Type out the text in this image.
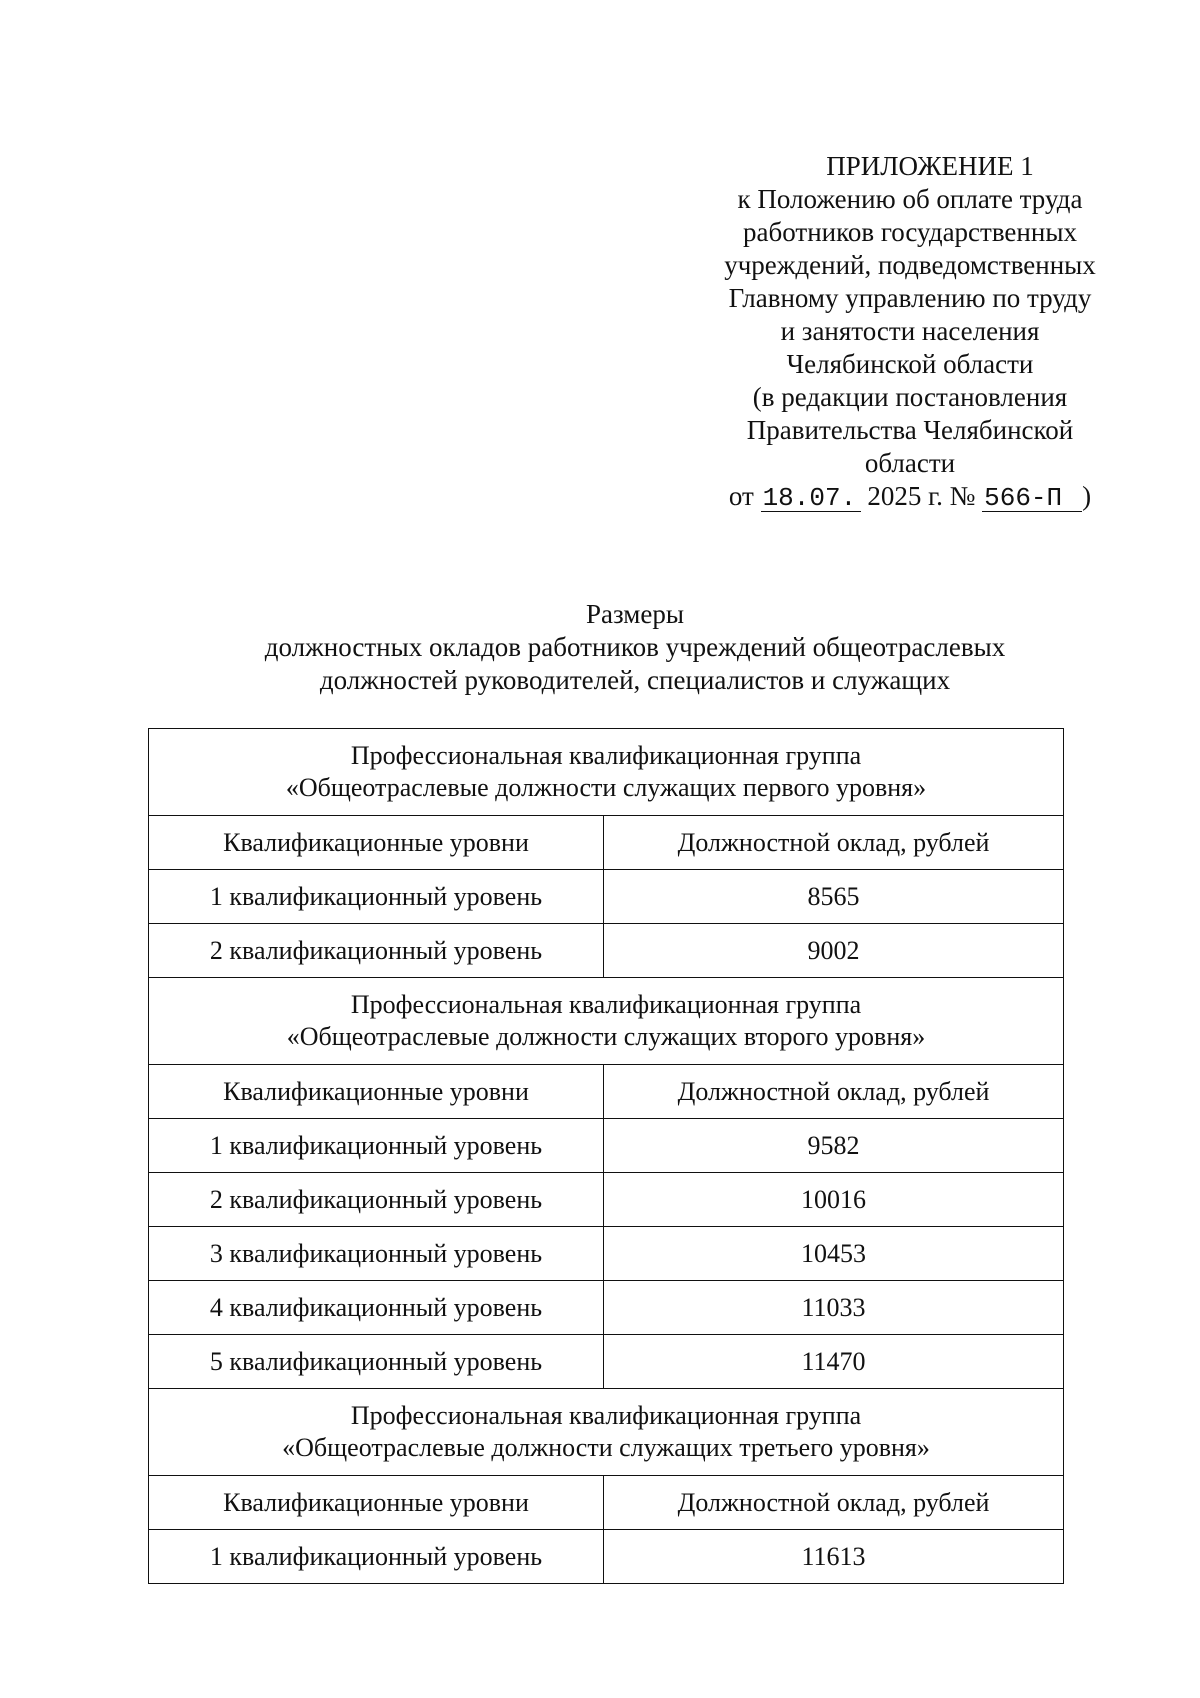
ПРИЛОЖЕНИЕ 1
к Положению об оплате труда
работников государственных
учреждений, подведомственных
Главному управлению по труду
и занятости населения
Челябинской области
(в редакции постановления
Правительства Челябинской
области
от 18.07. 2025 г. № 566-П )
Размеры
должностных окладов работников учреждений общеотраслевых
должностей руководителей, специалистов и служащих
Профессиональная квалификационная группа
«Общеотраслевые должности служащих первого уровня»	

Квалификационные уровни	Должностной оклад, рублей
1 квалификационный уровень	8565
2 квалификационный уровень	9002

Профессиональная квалификационная группа
«Общеотраслевые должности служащих второго уровня»	

Квалификационные уровни	Должностной оклад, рублей
1 квалификационный уровень	9582
2 квалификационный уровень	10016
3 квалификационный уровень	10453
4 квалификационный уровень	11033
5 квалификационный уровень	11470

Профессиональная квалификационная группа
«Общеотраслевые должности служащих третьего уровня»	

Квалификационные уровни	Должностной оклад, рублей
1 квалификационный уровень	11613
